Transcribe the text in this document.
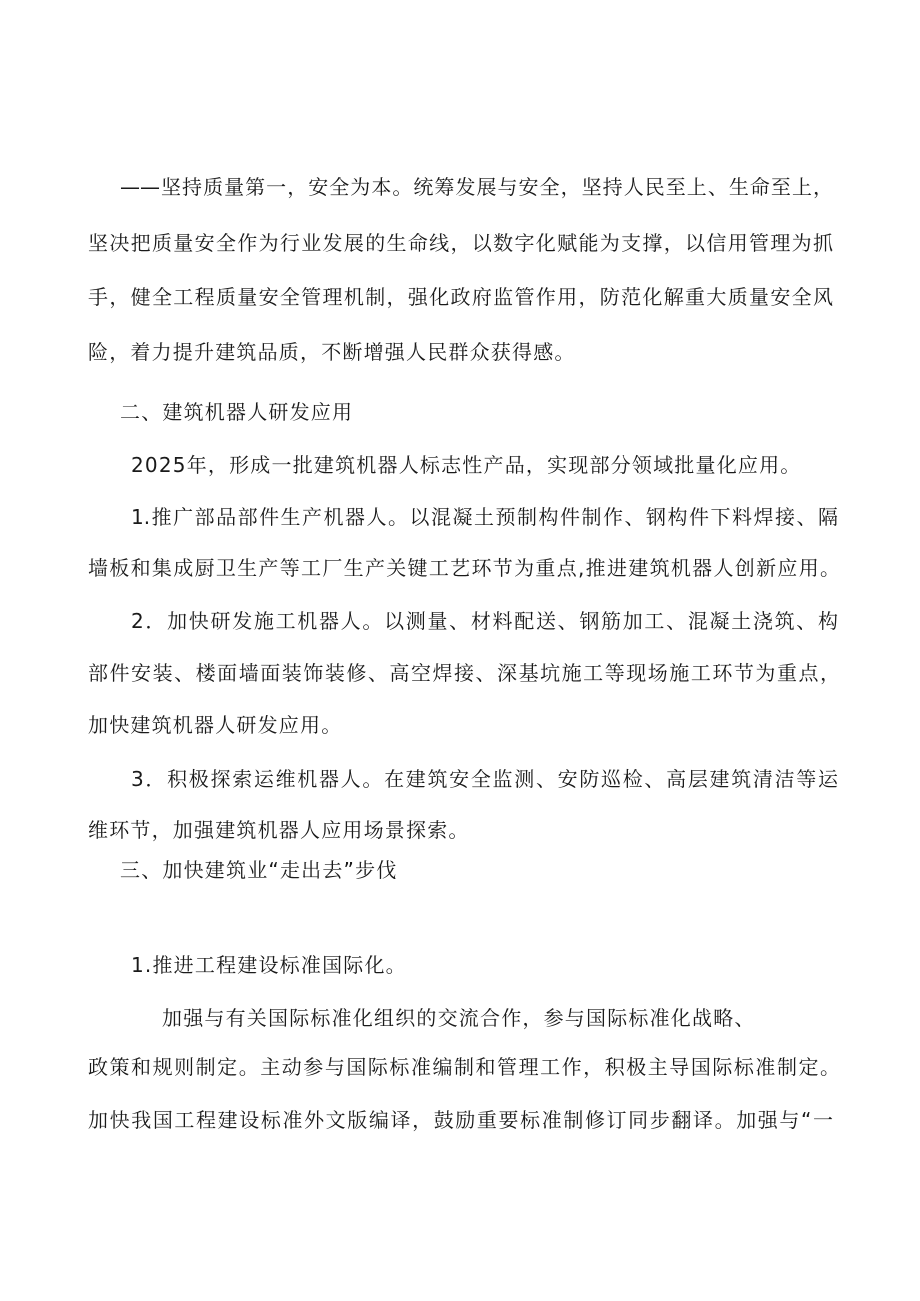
——坚持质量第一，安全为本。统筹发展与安全，坚持人民至上、生命至上，
坚决把质量安全作为行业发展的生命线，以数字化赋能为支撑，以信用管理为抓
手，健全工程质量安全管理机制，强化政府监管作用，防范化解重大质量安全风
险，着力提升建筑品质，不断增强人民群众获得感。
二、建筑机器人研发应用
2025年，形成一批建筑机器人标志性产品，实现部分领域批量化应用。
1.推广部品部件生产机器人。以混凝土预制构件制作、钢构件下料焊接、隔
墙板和集成厨卫生产等工厂生产关键工艺环节为重点,推进建筑机器人创新应用。
2．加快研发施工机器人。以测量、材料配送、钢筋加工、混凝土浇筑、构
部件安装、楼面墙面装饰装修、高空焊接、深基坑施工等现场施工环节为重点，
加快建筑机器人研发应用。
3．积极探索运维机器人。在建筑安全监测、安防巡检、高层建筑清洁等运
维环节，加强建筑机器人应用场景探索。
三、加快建筑业“走出去”步伐
1.推进工程建设标准国际化。
加强与有关国际标准化组织的交流合作，参与国际标准化战略、
政策和规则制定。主动参与国际标准编制和管理工作，积极主导国际标准制定。
加快我国工程建设标准外文版编译，鼓励重要标准制修订同步翻译。加强与“一
